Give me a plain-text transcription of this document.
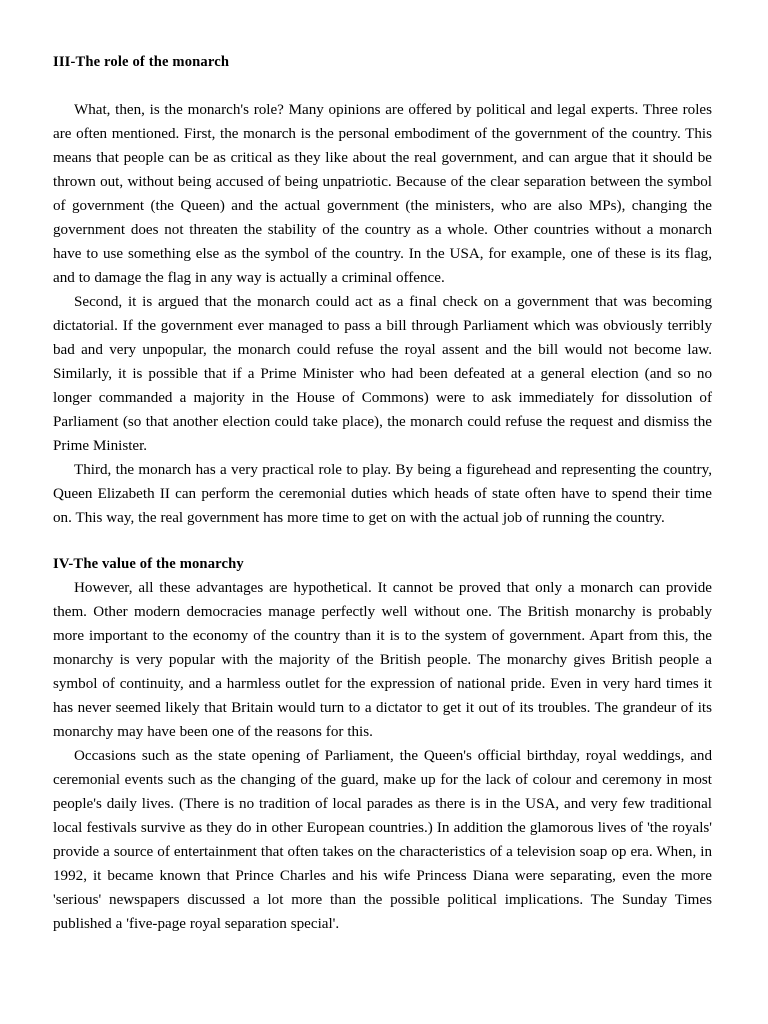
III-The role of the monarch

What, then, is the monarch's role? Many opinions are offered by political and legal experts. Three roles are often mentioned. First, the monarch is the personal embodiment of the government of the country. This means that people can be as critical as they like about the real government, and can argue that it should be thrown out, without being accused of being unpatriotic. Because of the clear separation between the symbol of government (the Queen) and the actual government (the ministers, who are also MPs), changing the government does not threaten the stability of the country as a whole. Other countries without a monarch have to use something else as the symbol of the country. In the USA, for example, one of these is its flag, and to damage the flag in any way is actually a criminal offence.

Second, it is argued that the monarch could act as a final check on a government that was becoming dictatorial. If the government ever managed to pass a bill through Parliament which was obviously terribly bad and very unpopular, the monarch could refuse the royal assent and the bill would not become law. Similarly, it is possible that if a Prime Minister who had been defeated at a general election (and so no longer commanded a majority in the House of Commons) were to ask immediately for dissolution of Parliament (so that another election could take place), the monarch could refuse the request and dismiss the Prime Minister.

Third, the monarch has a very practical role to play. By being a figurehead and representing the country, Queen Elizabeth II can perform the ceremonial duties which heads of state often have to spend their time on. This way, the real government has more time to get on with the actual job of running the country.

IV-The value of the monarchy

However, all these advantages are hypothetical. It cannot be proved that only a monarch can provide them. Other modern democracies manage perfectly well without one. The British monarchy is probably more important to the economy of the country than it is to the system of government. Apart from this, the monarchy is very popular with the majority of the British people. The monarchy gives British people a symbol of continuity, and a harmless outlet for the expression of national pride. Even in very hard times it has never seemed likely that Britain would turn to a dictator to get it out of its troubles. The grandeur of its monarchy may have been one of the reasons for this.

Occasions such as the state opening of Parliament, the Queen's official birthday, royal weddings, and ceremonial events such as the changing of the guard, make up for the lack of colour and ceremony in most people's daily lives. (There is no tradition of local parades as there is in the USA, and very few traditional local festivals survive as they do in other European countries.) In addition the glamorous lives of 'the royals' provide a source of entertainment that often takes on the characteristics of a television soap op era. When, in 1992, it became known that Prince Charles and his wife Princess Diana were separating, even the more 'serious' newspapers discussed a lot more than the possible political implications. The Sunday Times published a 'five-page royal separation special'.
